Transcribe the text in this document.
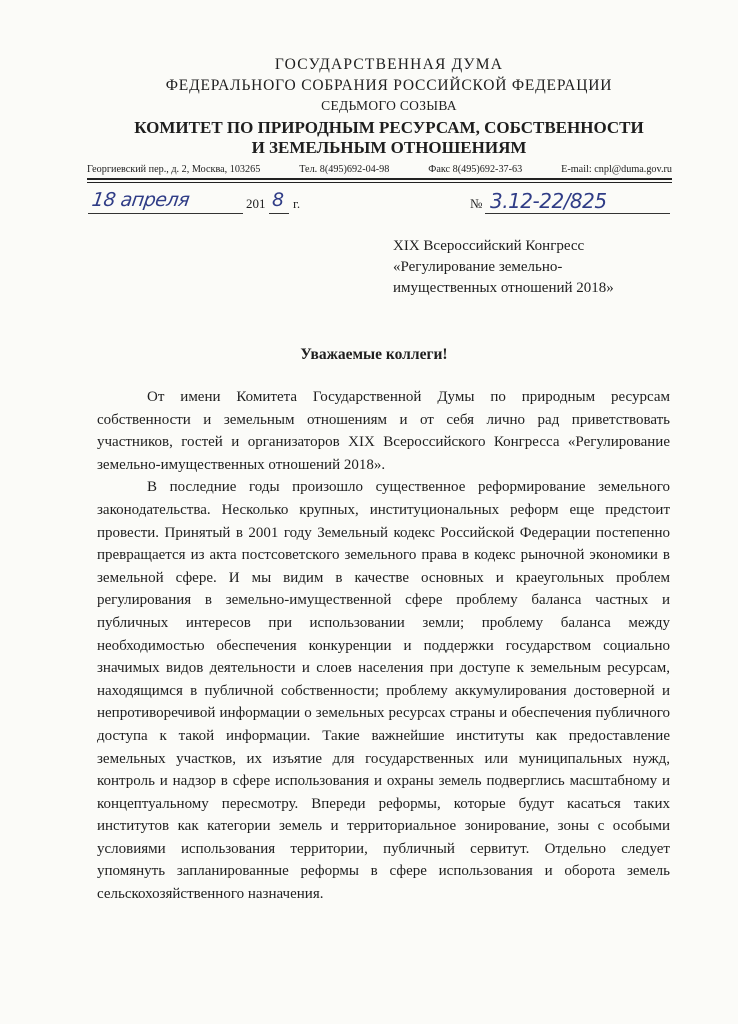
ГОСУДАРСТВЕННАЯ ДУМА
ФЕДЕРАЛЬНОГО СОБРАНИЯ РОССИЙСКОЙ ФЕДЕРАЦИИ
СЕДЬМОГО СОЗЫВА
КОМИТЕТ ПО ПРИРОДНЫМ РЕСУРСАМ, СОБСТВЕННОСТИ
И ЗЕМЕЛЬНЫМ ОТНОШЕНИЯМ
Георгиевский пер., д. 2, Москва, 103265	Тел. 8(495)692-04-98	Факс 8(495)692-37-63	E-mail: cnpl@duma.gov.ru
18 апреля	201 8 г.	№ 3.12-22/825
XIX Всероссийский Конгресс
«Регулирование земельно-
имущественных отношений 2018»
Уважаемые коллеги!

От имени Комитета Государственной Думы по природным ресурсам собственности и земельным отношениям и от себя лично рад приветствовать участников, гостей и организаторов XIX Всероссийского Конгресса «Регулирование земельно-имущественных отношений 2018».

В последние годы произошло существенное реформирование земельного законодательства. Несколько крупных, институциональных реформ еще предстоит провести. Принятый в 2001 году Земельный кодекс Российской Федерации постепенно превращается из акта постсоветского земельного права в кодекс рыночной экономики в земельной сфере. И мы видим в качестве основных и краеугольных проблем регулирования в земельно-имущественной сфере проблему баланса частных и публичных интересов при использовании земли; проблему баланса между необходимостью обеспечения конкуренции и поддержки государством социально значимых видов деятельности и слоев населения при доступе к земельным ресурсам, находящимся в публичной собственности; проблему аккумулирования достоверной и непротиворечивой информации о земельных ресурсах страны и обеспечения публичного доступа к такой информации. Такие важнейшие институты как предоставление земельных участков, их изъятие для государственных или муниципальных нужд, контроль и надзор в сфере использования и охраны земель подверглись масштабному и концептуальному пересмотру. Впереди реформы, которые будут касаться таких институтов как категории земель и территориальное зонирование, зоны с особыми условиями использования территории, публичный сервитут. Отдельно следует упомянуть запланированные реформы в сфере использования и оборота земель сельскохозяйственного назначения.
